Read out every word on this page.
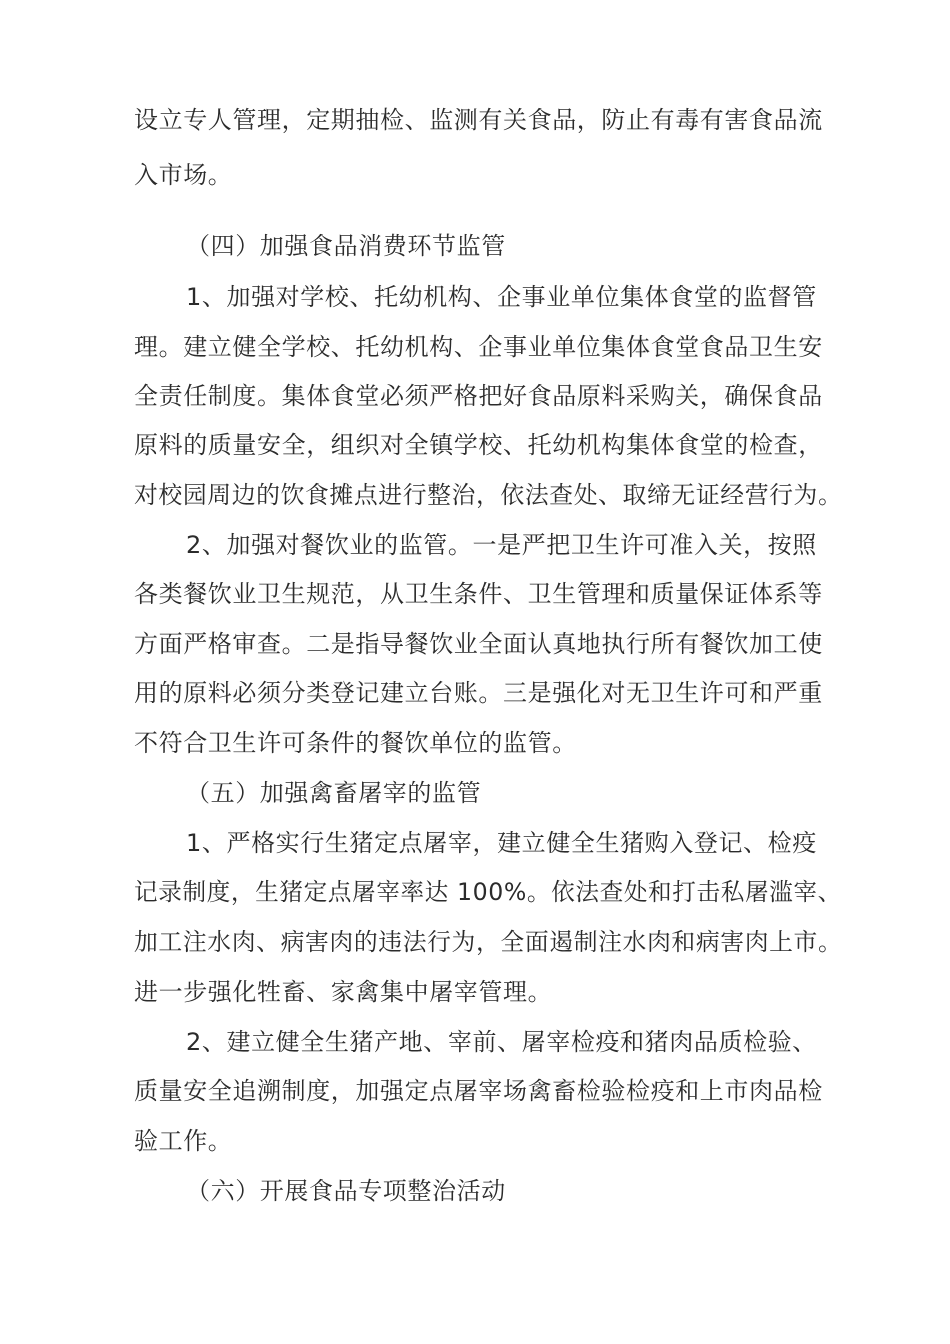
设立专人管理，定期抽检、监测有关食品，防止有毒有害食品流
入市场。
（四）加强食品消费环节监管
1、加强对学校、托幼机构、企事业单位集体食堂的监督管
理。建立健全学校、托幼机构、企事业单位集体食堂食品卫生安
全责任制度。集体食堂必须严格把好食品原料采购关，确保食品
原料的质量安全，组织对全镇学校、托幼机构集体食堂的检查，
对校园周边的饮食摊点进行整治，依法查处、取缔无证经营行为。
2、加强对餐饮业的监管。一是严把卫生许可准入关，按照
各类餐饮业卫生规范，从卫生条件、卫生管理和质量保证体系等
方面严格审查。二是指导餐饮业全面认真地执行所有餐饮加工使
用的原料必须分类登记建立台账。三是强化对无卫生许可和严重
不符合卫生许可条件的餐饮单位的监管。
（五）加强禽畜屠宰的监管
1、严格实行生猪定点屠宰，建立健全生猪购入登记、检疫
记录制度，生猪定点屠宰率达 100%。依法查处和打击私屠滥宰、
加工注水肉、病害肉的违法行为，全面遏制注水肉和病害肉上市。
进一步强化牲畜、家禽集中屠宰管理。
2、建立健全生猪产地、宰前、屠宰检疫和猪肉品质检验、
质量安全追溯制度，加强定点屠宰场禽畜检验检疫和上市肉品检
验工作。
（六）开展食品专项整治活动
